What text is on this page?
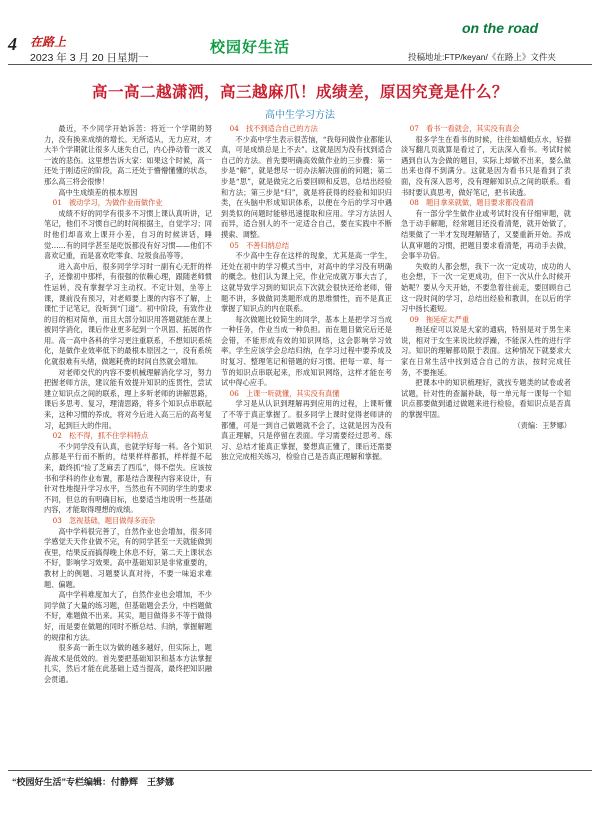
4 在路上
2023 年 3 月 20 日星期一
校园好生活
on the road
投稿地址:FTP/keyan/《在路上》文件夹
高一高二越潇洒，高三越麻爪！成绩差，原因究竟是什么？
高中生学习方法

最近，不少同学开始诉苦：将近一个学期的努力，没有换来成绩的增长。无所适从，无力应对，才大半个学期就让很多人迷失自己，内心挣动着一波又一波的悲伤。这里想告诉大家：如果这个时候，高一还处于刚适应的阶段，高二还处于懵懵懂懂的状态，那么高三将会很惨！

高中生成绩差的根本原因

01　被动学习，为做作业而做作业

成绩不好的同学有很多不习惯上课认真听讲，记笔记，他们不习惯自己的时间根据主，自觉学习；同时他们却喜欢上课开小差，自习的时候讲话，睡觉……有的同学甚至是吃饭都没有好习惯——他们不喜欢记重，而是喜欢吃零食、垃圾食品等等。

进入高中后，很多同学学习时一副有心无肝的样子，还像初中那样，有很强的依赖心理，跟随老师惯性运转，没有掌握学习主动权。不定计划，坐等上课，课前没有预习，对老师要上课的内容不了解，上课忙于记笔记，没听到“门道”。初中阶段，有致作业的目的相对简单，而且大部分知识用答题就能在课上被同学消化，课后作业更多起到一个巩固、拓展的作用。高一高中各科的学习更注重联系，不想知识系统化，是做作业效率低下的最根本原因之一，没有系统化就很难有头绪，做题耗费的时间自然就会增加。

对老师交代的内容不要机械理解消化学习，努力把握老师方法，建议能有效提升知识的连贯性，尝试建立知识点之间的联系，理上多听老师的讲解思路，课后多思考、复习，理清思路，将多个知识点串联起来，这种习惯的养成，将对今后进入高三后的高考复习，起到巨大的作用。

02　松不得，抓不住学科特点

不少同学没有认真，也就学好每一科。各个知识点都是平行而不断的，结果样样都抓，样样提不起来，最终抓“捡了芝麻丢了西瓜”，得不偿失。应该按书和学科的作业布置，都是结合课程内容来设计，有针对性地提升学习水平，当然也有不同的学生的要求不同，但总的有明确目标，也要适当地说明一些基础内容，才能取得理想的成绩。

03　忽视基础，题目做得多而杂

高中学科很完善了，自然作业也会增加，很多同学感觉天天作业做不完，有的同学甚至一天就能做到夜里，结果反而搞得晚上休息不好，第二天上课状态不好，影响学习效果。高中基础知识是非常重要的，教材上的例题、习题要认真对待，不要一味追求难题、偏题。

高中学科难度加大了，自然作业也会增加，不少同学做了大量的练习题，但基础题会丢分，中档题做不好，难题做不出来。其实，题目做得多不等于做得好，而是要在做题的同时不断总结、归纳，掌握解题的规律和方法。

很多高一新生以为做的越多越好，但实际上，题海战术是低效的。首先要把基础知识和基本方法掌握扎实，然后才能在此基础上适当提高，最终把知识融会贯通。

04　找不到适合自己的方法

不少高中学生表示很苦恼，“我每问做作业都能认真，可是成绩总是上不去”。这就是因为没有找到适合自己的方法。首先要明确高效做作业的三步骤：第一步是“解”，就是想尽一切办法解决面前的问题；第二步是“思”，就是做完之后要回顾和反思，总结出经验和方法；第三步是“归”，就是将获得的经验和知识归类，在头脑中形成知识体系，以便在今后的学习中遇到类似的问题时能够迅速提取和应用。学习方法因人而异，适合别人的不一定适合自己，要在实践中不断摸索、调整。

05　不善归纳总结

不少高中生存在这样的现象，尤其是高一学生，还处在初中的学习模式当中，对高中的学习没有明确的概念。他们认为课上完，作业完成就万事大吉了，这就导致学习到的知识点下次就会很快还给老师，错题不讲，多做做同类题形成的思维惯性，而不是真正掌握了知识点的内在联系。

每次做题比较简生的同学，基本上是把学习当成一种任务，作业当成一种负担。而在题目做完后还是会错，不能形成有效的知识网络，这会影响学习效率。学生应该学会总结归纳，在学习过程中要养成及时复习、整理笔记和错题的好习惯。把每一章、每一节的知识点串联起来，形成知识网络，这样才能在考试中得心应手。

06　上课一听就懂，其实没有真懂

学习是从认识到理解再到应用的过程，上课听懂了不等于真正掌握了。很多同学上课时觉得老师讲的都懂，可是一到自己做题就不会了，这就是因为没有真正理解，只是停留在表面。学习需要经过思考、练习、总结才能真正掌握，要想真正懂了，课后还需要独立完成相关练习，检验自己是否真正理解和掌握。

07　看书一看就会，其实没有真会

很多学生在看书的时候，往往如蜻蜓点水，轻描淡写翻几页就算是看过了，无法深入看书。考试时候遇到自认为会做的题目，实际上却做不出来，要么做出来也得不到满分。这就是因为看书只是看到了表面，没有深入思考，没有理解知识点之间的联系。看书时要认真思考，做好笔记，把书读透。

08　题目拿来就做，题目要求都没看清

有一部分学生做作业或考试时没有仔细审题，就急于动手解题，经常题目还没看清楚，就开始做了，结果做了一半才发现理解错了，又要重新开始。养成认真审题的习惯，把题目要求看清楚，再动手去做，会事半功倍。

失败的人都会想，我下一次一定成功，成功的人也会想，下一次一定更成功，但下一次从什么时候开始呢？要从今天开始，不要急着往前走，要回顾自己这一段时间的学习，总结出经验和教训，在以后的学习中扬长避短。

09　拖延症太严重

拖延症可以说是大家的通病，特别是对于男生来说，相对于女生来说比较浮躁，不能深入性的进行学习。知识的理解都局限于表面。这种情况下就要求大家在日常生活中找到适合自己的方法，按时完成任务，不要拖延。

把课本中的知识梳理好，就找专题类的试卷或者试题，针对性的查漏补缺，每一单元每一课每一个知识点都要做到通过做题来进行检验，看知识点是否真的掌握牢固。

（责编：王梦娜）

“校园好生活”专栏编辑：付静辉　王梦娜
